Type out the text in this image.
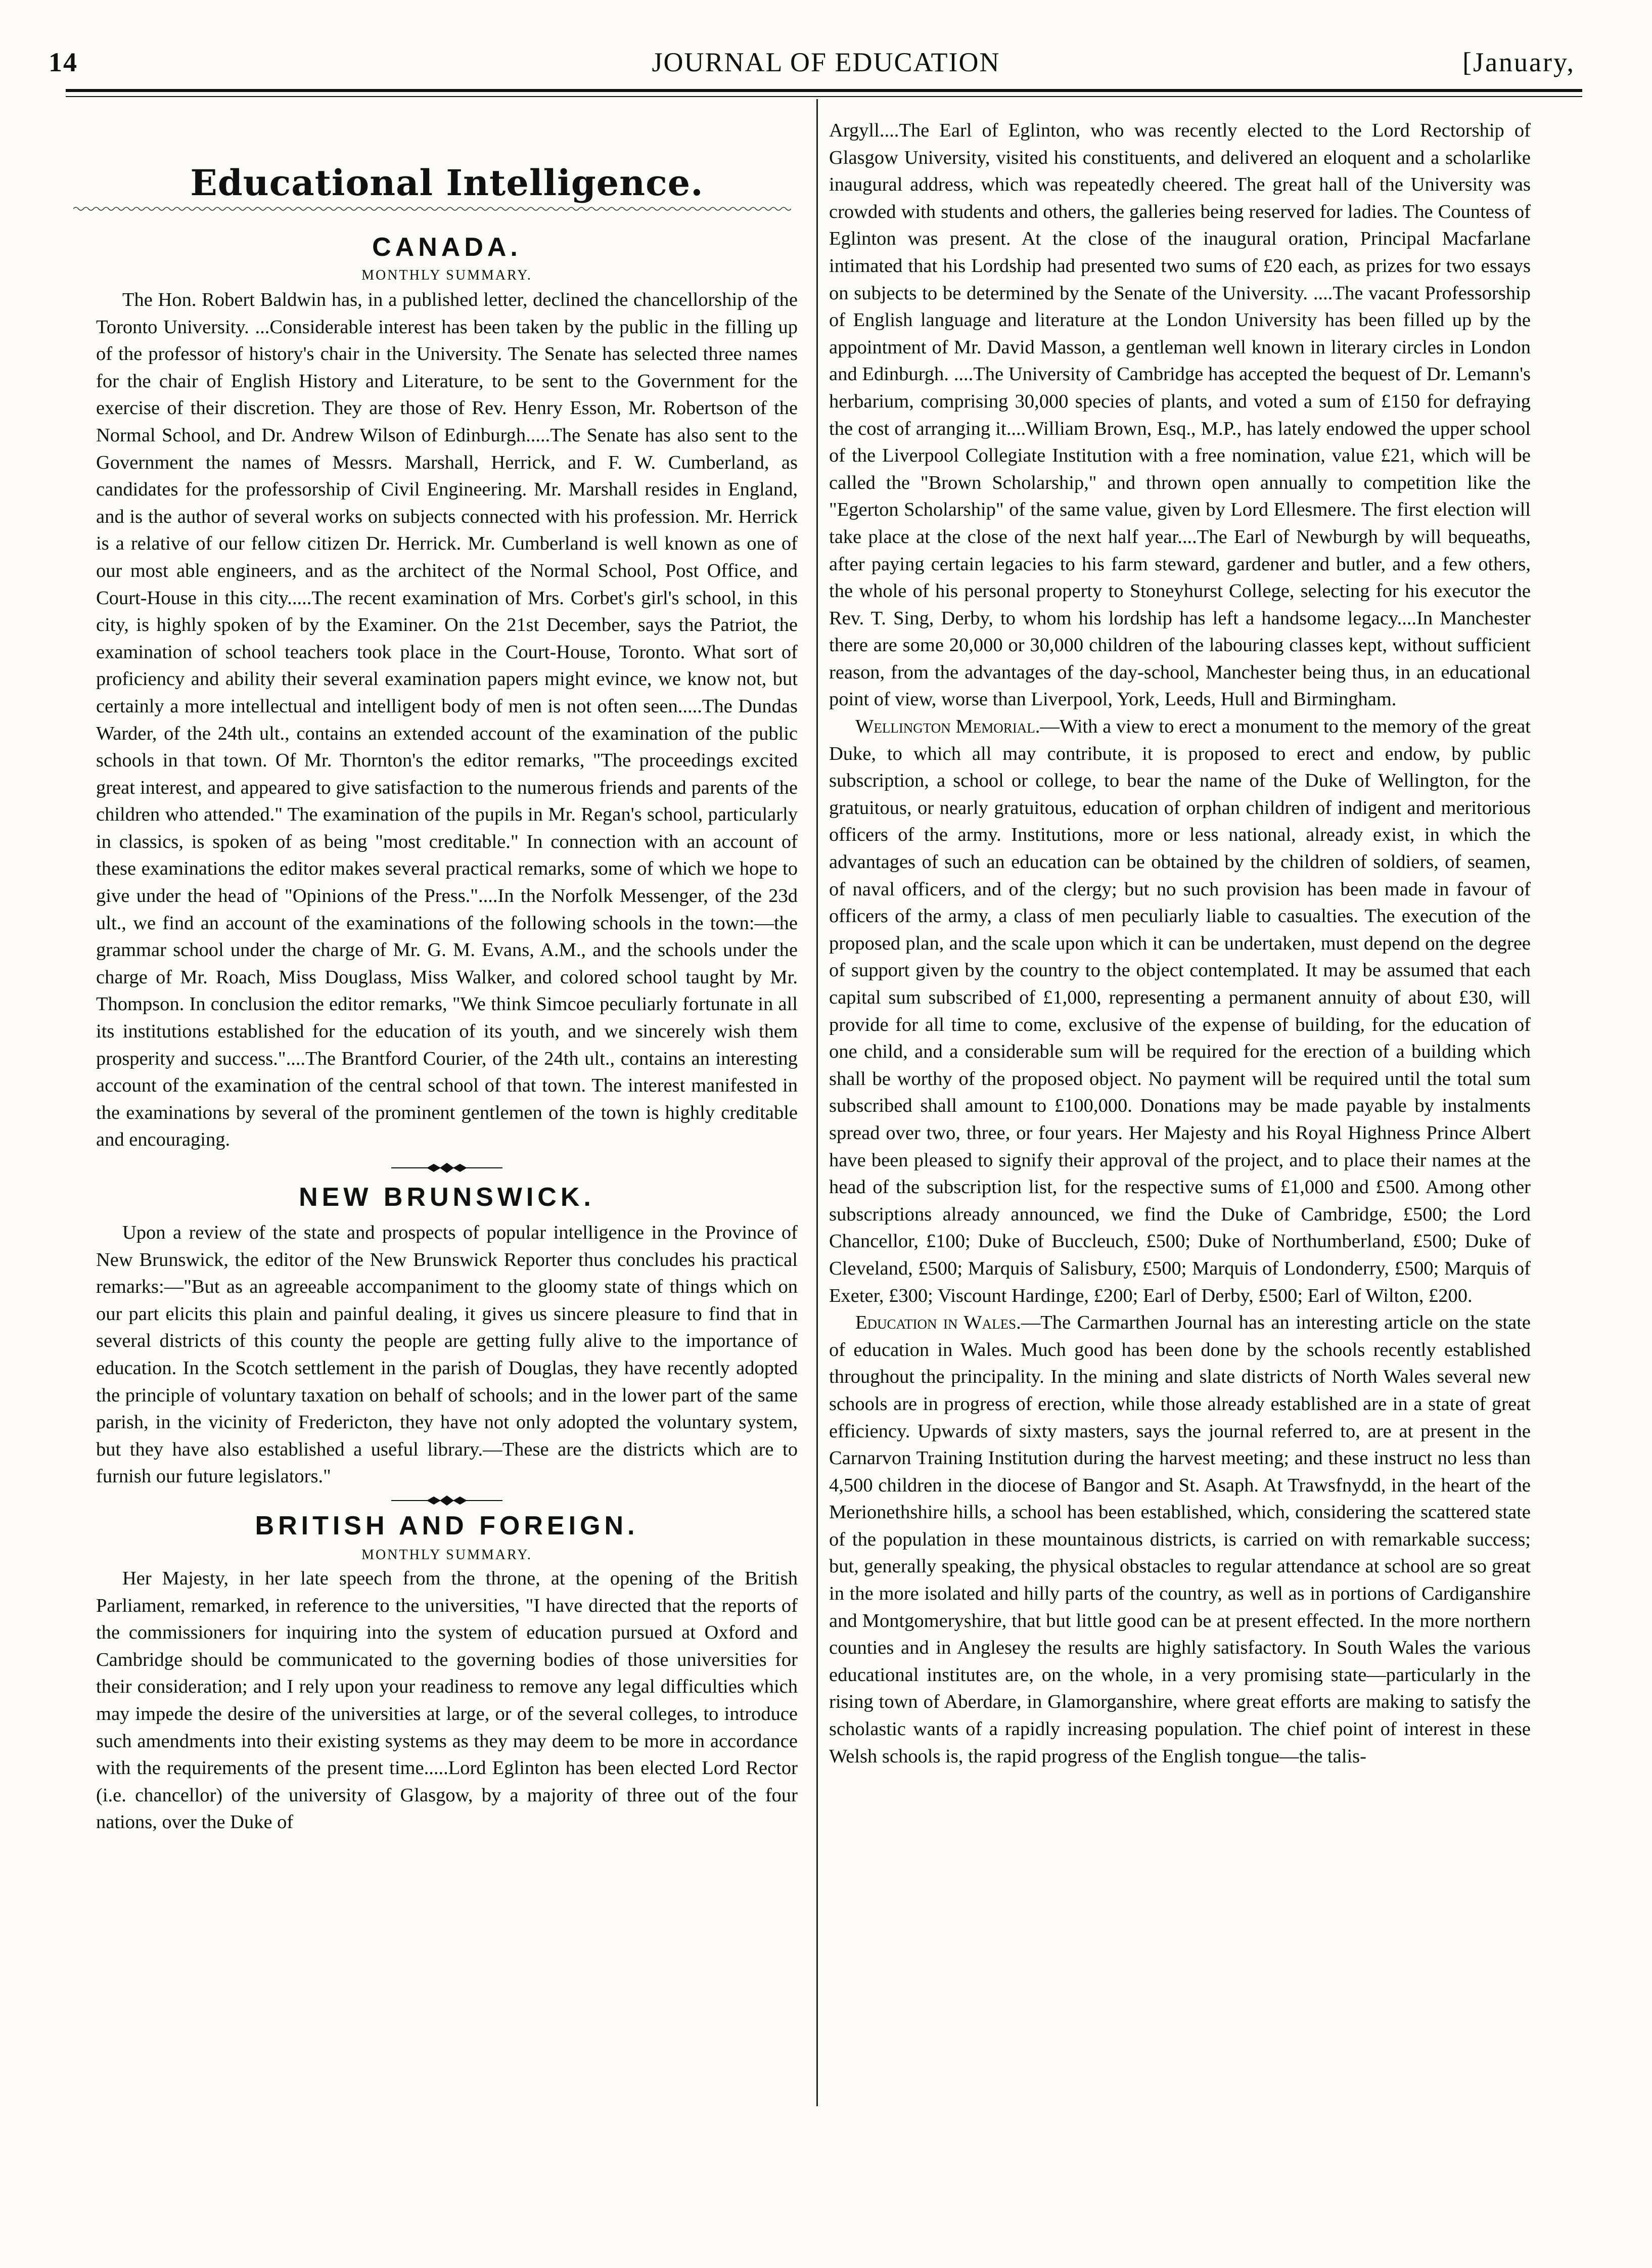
14	JOURNAL OF EDUCATION	[January,
Educational Intelligence.
CANADA.
MONTHLY SUMMARY.

The Hon. Robert Baldwin has, in a published letter, declined the chancellorship of the Toronto University. ...Considerable interest has been taken by the public in the filling up of the professor of history's chair in the University. The Senate has selected three names for the chair of English History and Literature, to be sent to the Government for the exercise of their discretion. They are those of Rev. Henry Esson, Mr. Robertson of the Normal School, and Dr. Andrew Wilson of Edinburgh.....The Senate has also sent to the Government the names of Messrs. Marshall, Herrick, and F. W. Cumberland, as candidates for the professorship of Civil Engineering. Mr. Marshall resides in England, and is the author of several works on subjects connected with his profession. Mr. Herrick is a relative of our fellow citizen Dr. Herrick. Mr. Cumberland is well known as one of our most able engineers, and as the architect of the Normal School, Post Office, and Court-House in this city.....The recent examination of Mrs. Corbet's girl's school, in this city, is highly spoken of by the Examiner. On the 21st December, says the Patriot, the examination of school teachers took place in the Court-House, Toronto. What sort of proficiency and ability their several examination papers might evince, we know not, but certainly a more intellectual and intelligent body of men is not often seen.....The Dundas Warder, of the 24th ult., contains an extended account of the examination of the public schools in that town. Of Mr. Thornton's the editor remarks, "The proceedings excited great interest, and appeared to give satisfaction to the numerous friends and parents of the children who attended." The examination of the pupils in Mr. Regan's school, particularly in classics, is spoken of as being "most creditable." In connection with an account of these examinations the editor makes several practical remarks, some of which we hope to give under the head of "Opinions of the Press."....In the Norfolk Messenger, of the 23d ult., we find an account of the examinations of the following schools in the town:—the grammar school under the charge of Mr. G. M. Evans, A.M., and the schools under the charge of Mr. Roach, Miss Douglass, Miss Walker, and colored school taught by Mr. Thompson. In conclusion the editor remarks, "We think Simcoe peculiarly fortunate in all its institutions established for the education of its youth, and we sincerely wish them prosperity and success."....The Brantford Courier, of the 24th ult., contains an interesting account of the examination of the central school of that town. The interest manifested in the examinations by several of the prominent gentlemen of the town is highly creditable and encouraging.

NEW BRUNSWICK.

Upon a review of the state and prospects of popular intelligence in the Province of New Brunswick, the editor of the New Brunswick Reporter thus concludes his practical remarks:—"But as an agreeable accompaniment to the gloomy state of things which on our part elicits this plain and painful dealing, it gives us sincere pleasure to find that in several districts of this county the people are getting fully alive to the importance of education. In the Scotch settlement in the parish of Douglas, they have recently adopted the principle of voluntary taxation on behalf of schools; and in the lower part of the same parish, in the vicinity of Fredericton, they have not only adopted the voluntary system, but they have also established a useful library.—These are the districts which are to furnish our future legislators."

BRITISH AND FOREIGN.
MONTHLY SUMMARY.

Her Majesty, in her late speech from the throne, at the opening of the British Parliament, remarked, in reference to the universities, "I have directed that the reports of the commissioners for inquiring into the system of education pursued at Oxford and Cambridge should be communicated to the governing bodies of those universities for their consideration; and I rely upon your readiness to remove any legal difficulties which may impede the desire of the universities at large, or of the several colleges, to introduce such amendments into their existing systems as they may deem to be more in accordance with the requirements of the present time.....Lord Eglinton has been elected Lord Rector (i.e. chancellor) of the university of Glasgow, by a majority of three out of the four nations, over the Duke of

Argyll....The Earl of Eglinton, who was recently elected to the Lord Rectorship of Glasgow University, visited his constituents, and delivered an eloquent and a scholarlike inaugural address, which was repeatedly cheered. The great hall of the University was crowded with students and others, the galleries being reserved for ladies. The Countess of Eglinton was present. At the close of the inaugural oration, Principal Macfarlane intimated that his Lordship had presented two sums of £20 each, as prizes for two essays on subjects to be determined by the Senate of the University. ....The vacant Professorship of English language and literature at the London University has been filled up by the appointment of Mr. David Masson, a gentleman well known in literary circles in London and Edinburgh. ....The University of Cambridge has accepted the bequest of Dr. Lemann's herbarium, comprising 30,000 species of plants, and voted a sum of £150 for defraying the cost of arranging it....William Brown, Esq., M.P., has lately endowed the upper school of the Liverpool Collegiate Institution with a free nomination, value £21, which will be called the "Brown Scholarship," and thrown open annually to competition like the "Egerton Scholarship" of the same value, given by Lord Ellesmere. The first election will take place at the close of the next half year....The Earl of Newburgh by will bequeaths, after paying certain legacies to his farm steward, gardener and butler, and a few others, the whole of his personal property to Stoneyhurst College, selecting for his executor the Rev. T. Sing, Derby, to whom his lordship has left a handsome legacy....In Manchester there are some 20,000 or 30,000 children of the labouring classes kept, without sufficient reason, from the advantages of the day-school, Manchester being thus, in an educational point of view, worse than Liverpool, York, Leeds, Hull and Birmingham.

Wellington Memorial.—With a view to erect a monument to the memory of the great Duke, to which all may contribute, it is proposed to erect and endow, by public subscription, a school or college, to bear the name of the Duke of Wellington, for the gratuitous, or nearly gratuitous, education of orphan children of indigent and meritorious officers of the army. Institutions, more or less national, already exist, in which the advantages of such an education can be obtained by the children of soldiers, of seamen, of naval officers, and of the clergy; but no such provision has been made in favour of officers of the army, a class of men peculiarly liable to casualties. The execution of the proposed plan, and the scale upon which it can be undertaken, must depend on the degree of support given by the country to the object contemplated. It may be assumed that each capital sum subscribed of £1,000, representing a permanent annuity of about £30, will provide for all time to come, exclusive of the expense of building, for the education of one child, and a considerable sum will be required for the erection of a building which shall be worthy of the proposed object. No payment will be required until the total sum subscribed shall amount to £100,000. Donations may be made payable by instalments spread over two, three, or four years. Her Majesty and his Royal Highness Prince Albert have been pleased to signify their approval of the project, and to place their names at the head of the subscription list, for the respective sums of £1,000 and £500. Among other subscriptions already announced, we find the Duke of Cambridge, £500; the Lord Chancellor, £100; Duke of Buccleuch, £500; Duke of Northumberland, £500; Duke of Cleveland, £500; Marquis of Salisbury, £500; Marquis of Londonderry, £500; Marquis of Exeter, £300; Viscount Hardinge, £200; Earl of Derby, £500; Earl of Wilton, £200.

Education in Wales.—The Carmarthen Journal has an interesting article on the state of education in Wales. Much good has been done by the schools recently established throughout the principality. In the mining and slate districts of North Wales several new schools are in progress of erection, while those already established are in a state of great efficiency. Upwards of sixty masters, says the journal referred to, are at present in the Carnarvon Training Institution during the harvest meeting; and these instruct no less than 4,500 children in the diocese of Bangor and St. Asaph. At Trawsfnydd, in the heart of the Merionethshire hills, a school has been established, which, considering the scattered state of the population in these mountainous districts, is carried on with remarkable success; but, generally speaking, the physical obstacles to regular attendance at school are so great in the more isolated and hilly parts of the country, as well as in portions of Cardiganshire and Montgomeryshire, that but little good can be at present effected. In the more northern counties and in Anglesey the results are highly satisfactory. In South Wales the various educational institutes are, on the whole, in a very promising state—particularly in the rising town of Aberdare, in Glamorganshire, where great efforts are making to satisfy the scholastic wants of a rapidly increasing population. The chief point of interest in these Welsh schools is, the rapid progress of the English tongue—the talis-
